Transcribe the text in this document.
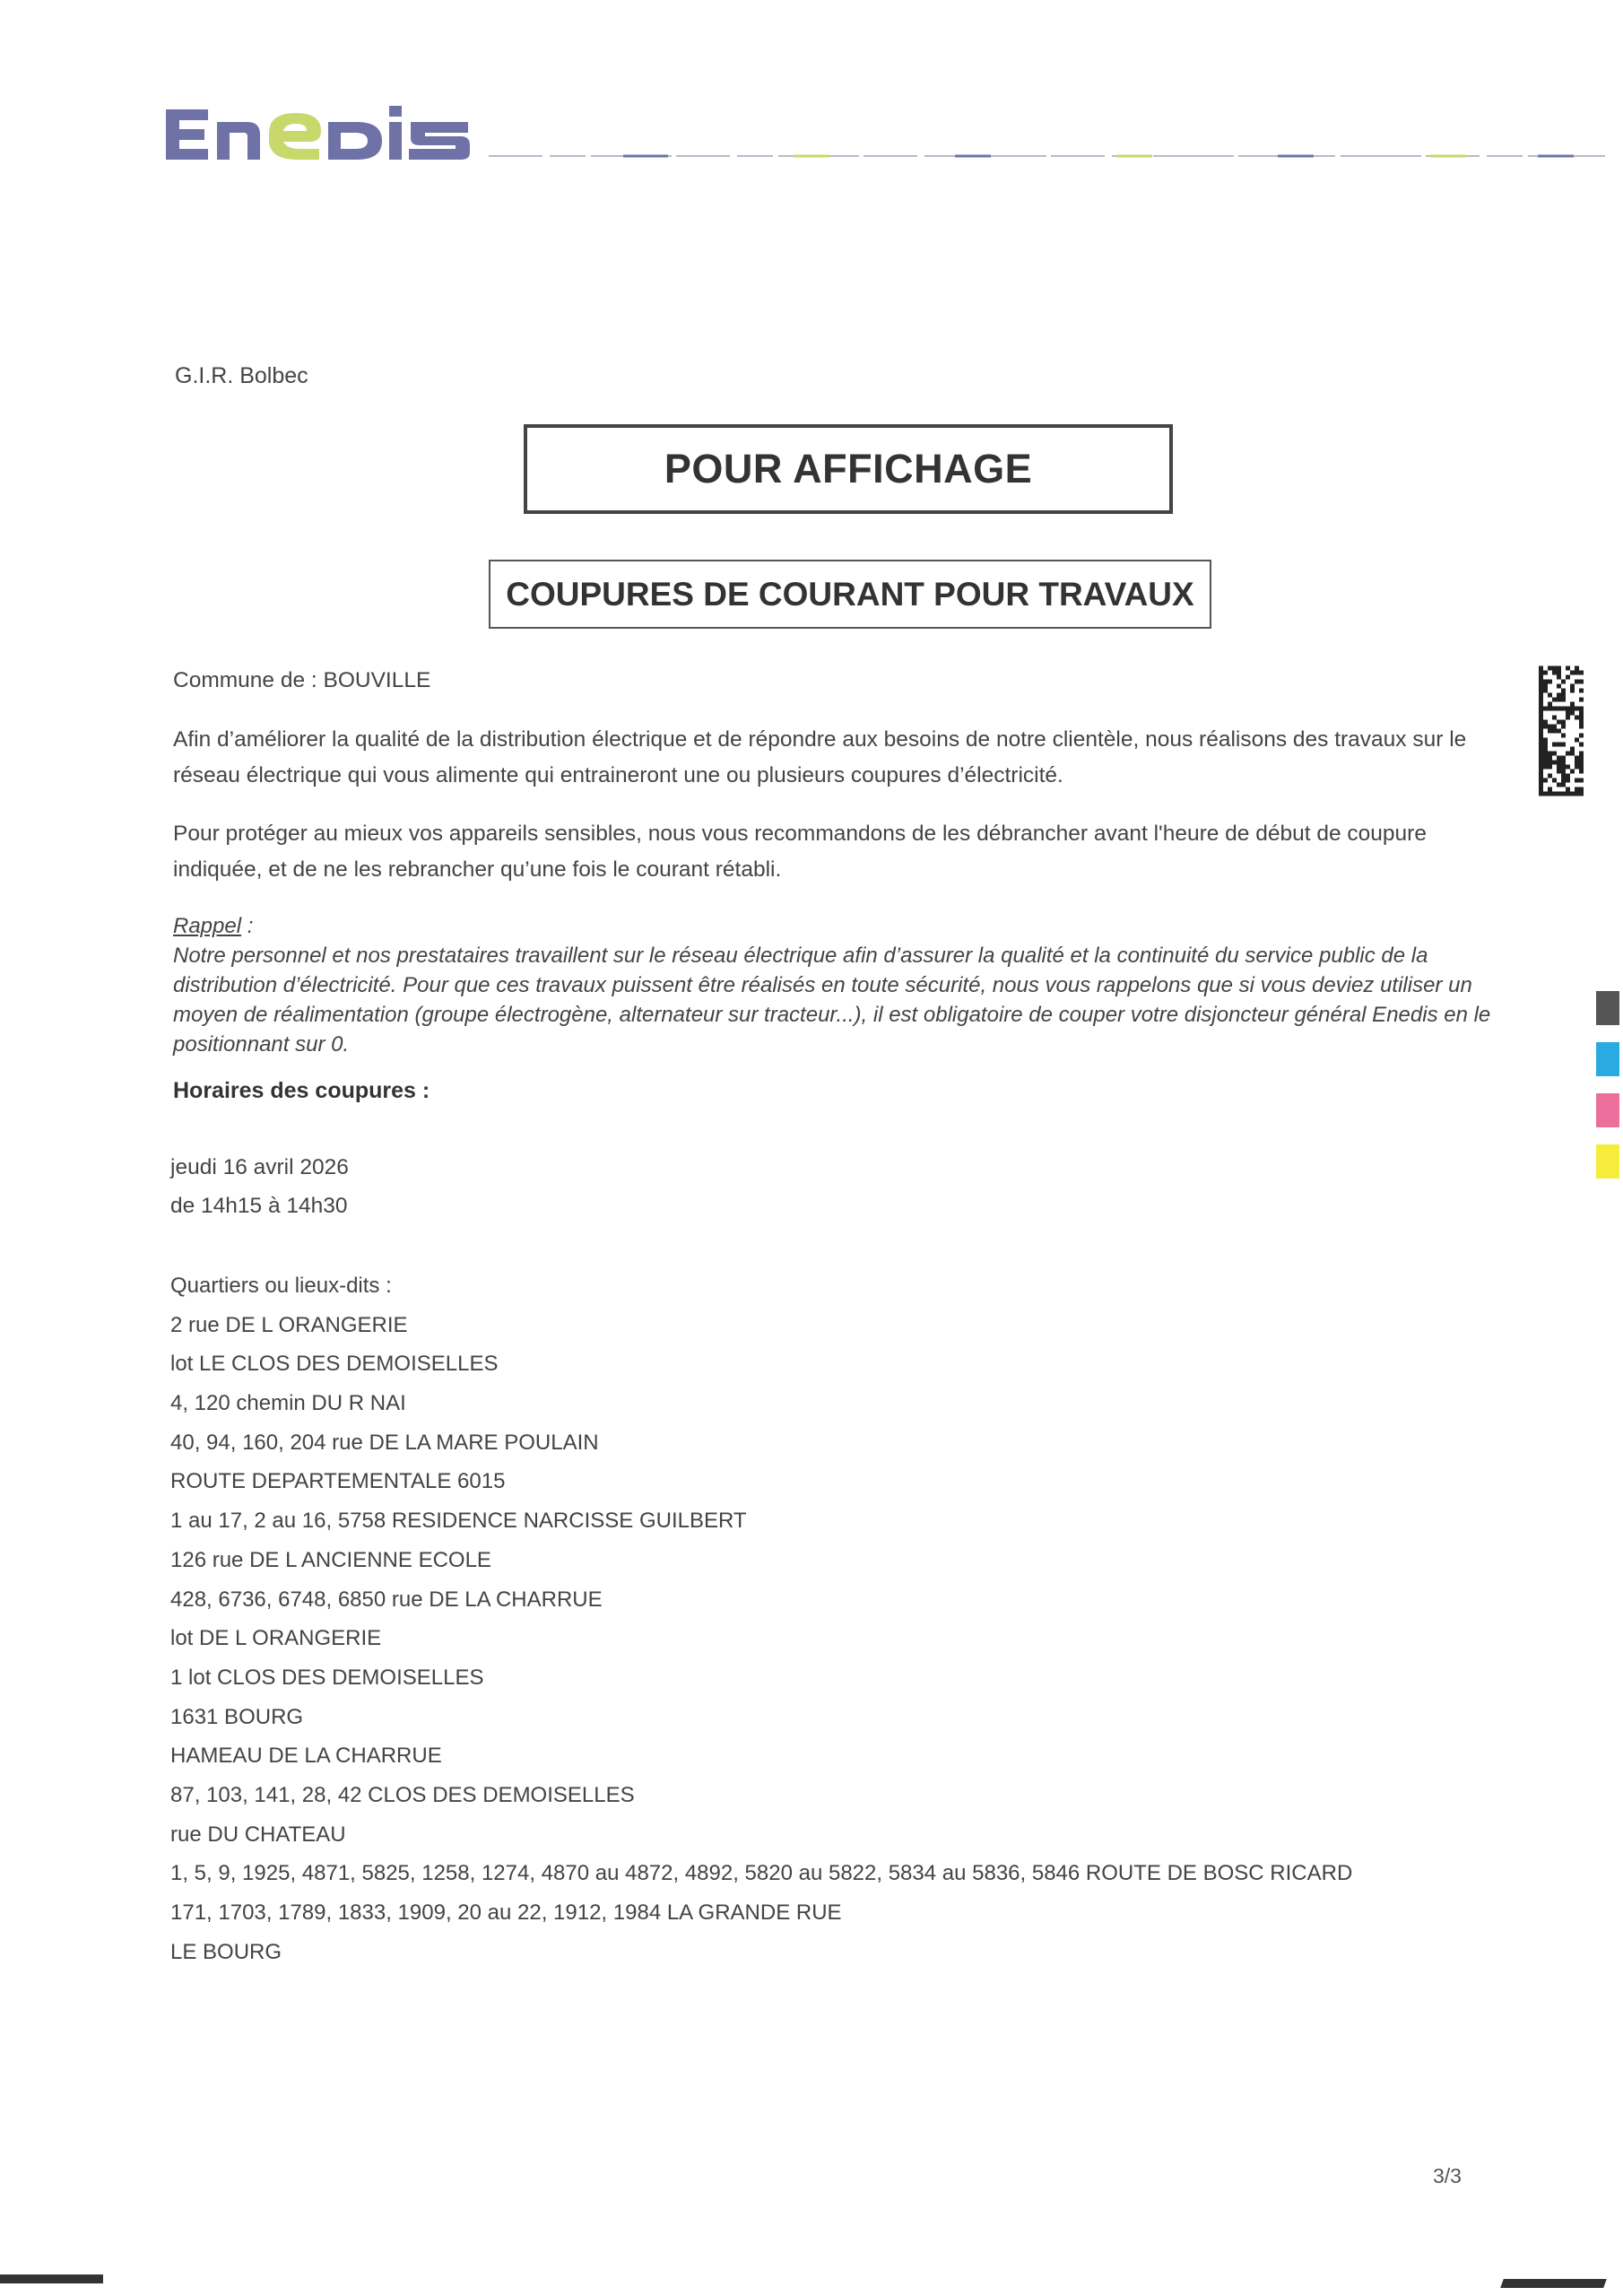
G.I.R. Bolbec
POUR AFFICHAGE
COUPURES DE COURANT POUR TRAVAUX
Commune de : BOUVILLE
Afin d’améliorer la qualité de la distribution électrique et de répondre aux besoins de notre clientèle, nous réalisons des travaux sur le réseau électrique qui vous alimente qui entraineront une ou plusieurs coupures d’électricité.
Pour protéger au mieux vos appareils sensibles, nous vous recommandons de les débrancher avant l'heure de début de coupure indiquée, et de ne les rebrancher qu’une fois le courant rétabli.
Rappel :
Notre personnel et nos prestataires travaillent sur le réseau électrique afin d’assurer la qualité et la continuité du service public de la distribution d’électricité. Pour que ces travaux puissent être réalisés en toute sécurité, nous vous rappelons que si vous deviez utiliser un moyen de réalimentation (groupe électrogène, alternateur sur tracteur...), il est obligatoire de couper votre disjoncteur général Enedis en le positionnant sur 0.
Horaires des coupures :
jeudi 16 avril 2026
de 14h15 à 14h30
Quartiers ou lieux-dits :
2 rue DE L ORANGERIE
lot LE CLOS DES DEMOISELLES
4, 120 chemin DU R NAI
40, 94, 160, 204 rue DE LA MARE POULAIN
ROUTE DEPARTEMENTALE 6015
1 au 17, 2 au 16, 5758 RESIDENCE NARCISSE GUILBERT
126 rue DE L ANCIENNE ECOLE
428, 6736, 6748, 6850 rue DE LA CHARRUE
lot DE L ORANGERIE
1 lot CLOS DES DEMOISELLES
1631 BOURG
HAMEAU DE LA CHARRUE
87, 103, 141, 28, 42 CLOS DES DEMOISELLES
rue DU CHATEAU
1, 5, 9, 1925, 4871, 5825, 1258, 1274, 4870 au 4872, 4892, 5820 au 5822, 5834 au 5836, 5846 ROUTE DE BOSC RICARD
171, 1703, 1789, 1833, 1909, 20 au 22, 1912, 1984 LA GRANDE RUE
LE BOURG
3/3
